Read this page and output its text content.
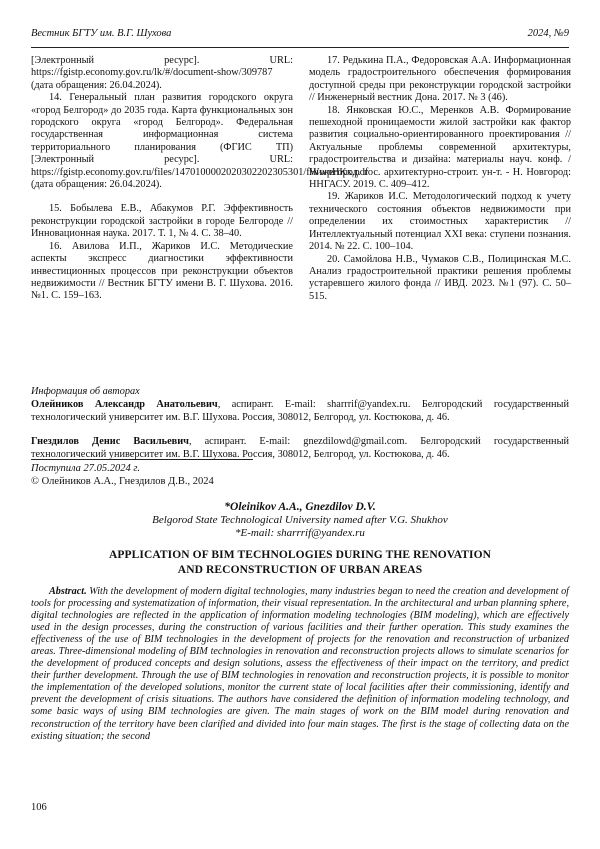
Вестник БГТУ им. В.Г. Шухова	2024, №9

[Электронный ресурс]. URL: https://fgistp.economy.gov.ru/lk/#/document-show/309787 (дата обращения: 26.04.2024).

14. Генеральный план развития городского округа «город Белгород» до 2035 года. Карта функциональных зон городского округа «город Белгород». Федеральная государственная информационная система территориального планирования (ФГИС ТП) [Электронный ресурс]. URL: https://fgistp.economy.gov.ru/files/1470100002020302202305301/fWwpHKx.pdf (дата обращения: 26.04.2024).

15. Бобылева Е.В., Абакумов Р.Г. Эффективность реконструкции городской застройки в городе Белгороде // Инновационная наука. 2017. Т. 1, № 4. С. 38–40.

16. Авилова И.П., Жариков И.С. Методические аспекты экспресс диагностики эффективности инвестиционных процессов при реконструкции объектов недвижимости // Вестник БГТУ имени В. Г. Шухова. 2016. №1. С. 159–163.

17. Редькина П.А., Федоровская А.А. Информационная модель градостроительного обеспечения формирования доступной среды при реконструкции городской застройки // Инженерный вестник Дона. 2017. № 3 (46).

18. Янковская Ю.С., Меренков А.В. Формирование пешеходной проницаемости жилой застройки как фактор развития социально-ориентированного проектирования // Актуальные проблемы современной архитектуры, градостроительства и дизайна: материалы науч. конф. / Нижегород. гос. архитектурно-строит. ун-т. - Н. Новгород: ННГАСУ. 2019. С. 409–412.

19. Жариков И.С. Методологический подход к учету технического состояния объектов недвижимости при определении их стоимостных характеристик // Интеллектуальный потенциал XXI века: ступени познания. 2014. № 22. С. 100–104.

20. Самойлова Н.В., Чумаков С.В., Полицинская М.С. Анализ градостроительной практики решения проблемы устаревшего жилого фонда // ИВД. 2023. №1 (97). С. 50–515.

Информация об авторах

Олейников Александр Анатольевич, аспирант. E-mail: sharrrif@yandex.ru. Белгородский государственный технологический университет им. В.Г. Шухова. Россия, 308012, Белгород, ул. Костюкова, д. 46.

Гнездилов Денис Васильевич, аспирант. E-mail: gnezdilowd@gmail.com. Белгородский государственный технологический университет им. В.Г. Шухова. Россия, 308012, Белгород, ул. Костюкова, д. 46.

Поступила 27.05.2024 г.
© Олейников А.А., Гнездилов Д.В., 2024
*Oleinikov A.A., Gnezdilov D.V.
Belgorod State Technological University named after V.G. Shukhov
*E-mail: sharrrif@yandex.ru
APPLICATION OF BIM TECHNOLOGIES DURING THE RENOVATION
AND RECONSTRUCTION OF URBAN AREAS
Abstract. With the development of modern digital technologies, many industries began to need the creation and development of tools for processing and systematization of information, their visual representation. In the architectural and urban planning sphere, digital technologies are reflected in the application of information modeling technologies (BIM modeling), which are effectively used in the design processes, during the construction of various facilities and their further operation. This study examines the effectiveness of the use of BIM technologies in the development of projects for the renovation and reconstruction of urbanized areas. Three-dimensional modeling of BIM technologies in renovation and reconstruction projects allows to simulate scenarios for the development of produced concepts and design solutions, assess the effectiveness of their impact on the territory, and predict their further development. Through the use of BIM technologies in renovation and reconstruction projects, it is possible to monitor the implementation of the developed solutions, monitor the current state of local facilities after their commissioning, identify and prevent the development of crisis situations. The authors have considered the definition of information modeling technology, and some basic ways of using BIM technologies are given. The main stages of work on the BIM model during renovation and reconstruction of the territory have been clarified and divided into four main stages. The first is the stage of collecting data on the existing situation; the second
106
